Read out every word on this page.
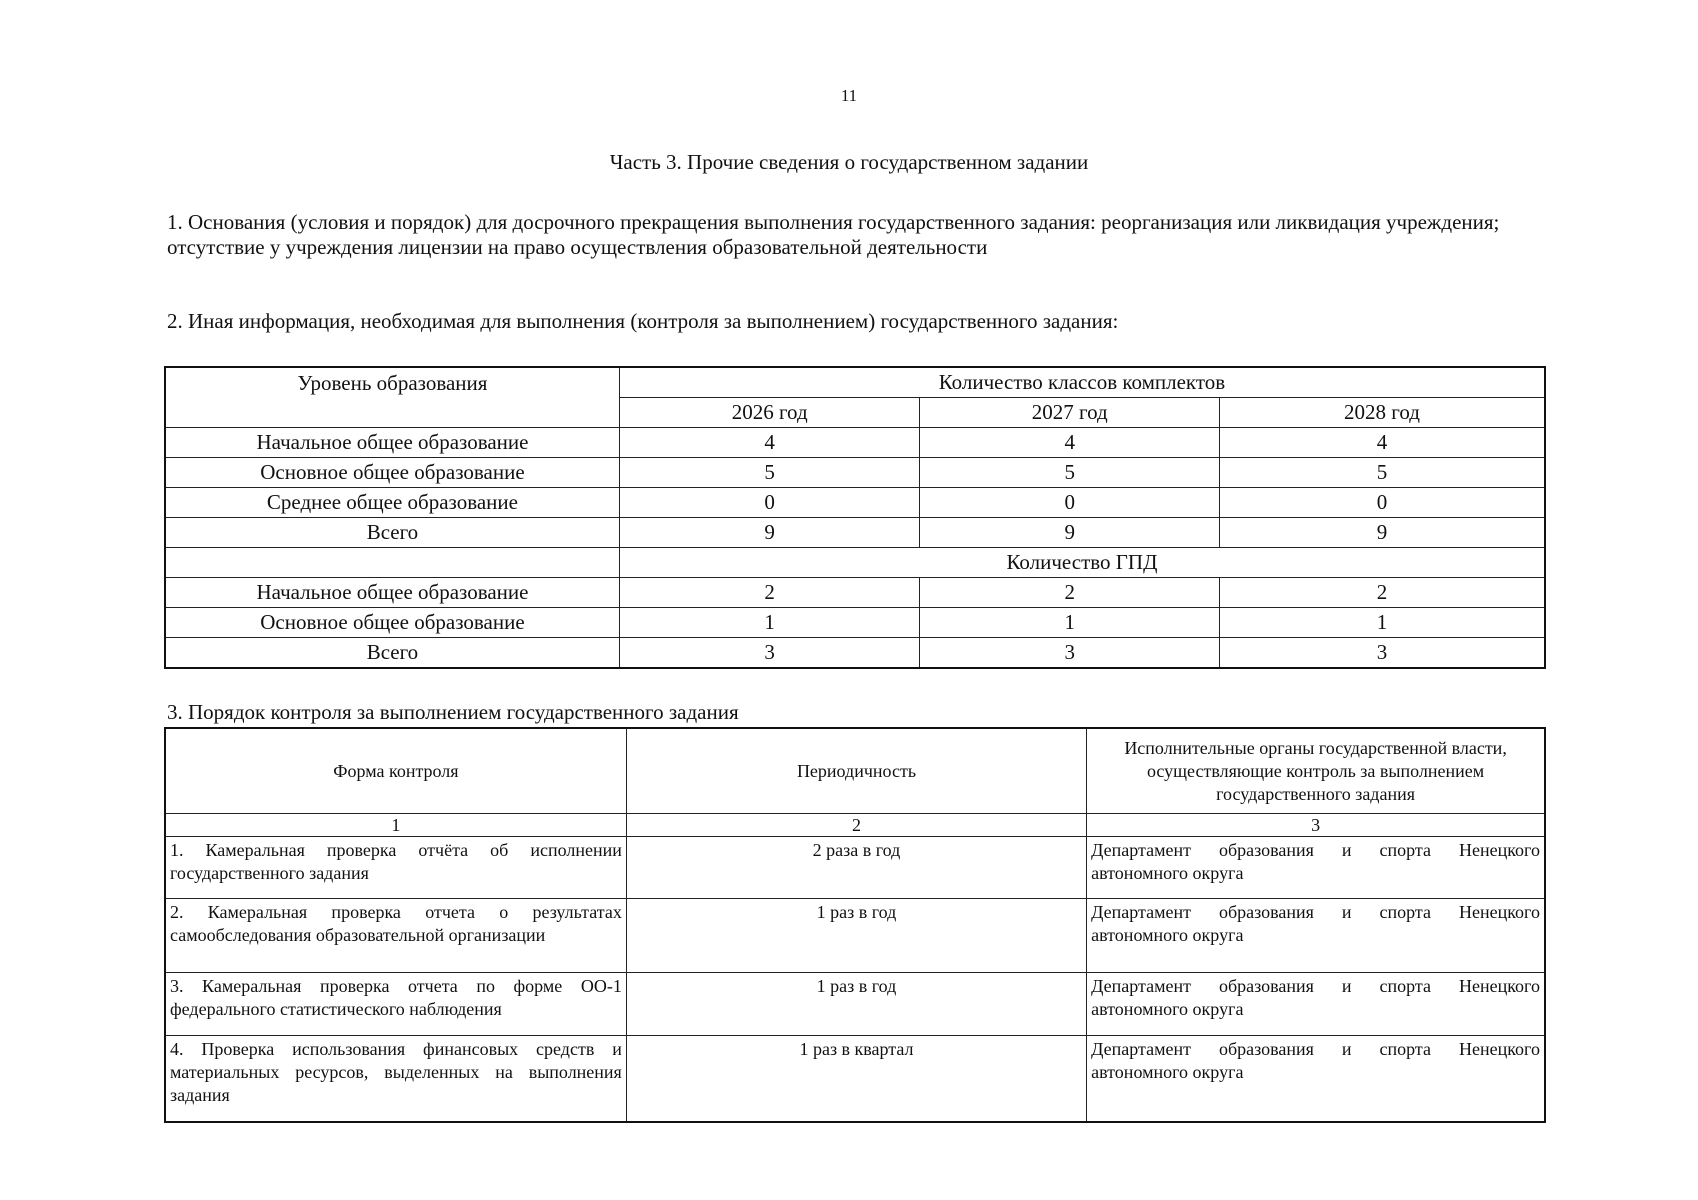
11
Часть 3. Прочие сведения о государственном задании
1. Основания (условия и порядок) для досрочного прекращения выполнения государственного задания: реорганизация или ликвидация учреждения; отсутствие у учреждения лицензии на право осуществления образовательной деятельности
2. Иная информация, необходимая для выполнения (контроля за выполнением) государственного задания:
Уровень образования	Количество классов комплектов		
	2026 год	2027 год	2028 год
Начальное общее образование	4	4	4
Основное общее образование	5	5	5
Среднее общее образование	0	0	0
Всего	9	9	9
	Количество ГПД		
Начальное общее образование	2	2	2
Основное общее образование	1	1	1
Всего	3	3	3
3. Порядок контроля за выполнением государственного задания
Форма контроля	Периодичность	Исполнительные органы государственной власти, осуществляющие контроль за выполнением государственного задания
1	2	3
1. Камеральная проверка отчёта об исполнении государственного задания	2 раза в год	Департамент образования и спорта Ненецкого автономного округа
2. Камеральная проверка отчета о результатах самообследования образовательной организации	1 раз в год	Департамент образования и спорта Ненецкого автономного округа
3. Камеральная проверка отчета по форме ОО-1 федерального статистического наблюдения	1 раз в год	Департамент образования и спорта Ненецкого автономного округа
4. Проверка использования финансовых средств и материальных ресурсов, выделенных на выполнения задания	1 раз в квартал	Департамент образования и спорта Ненецкого автономного округа
